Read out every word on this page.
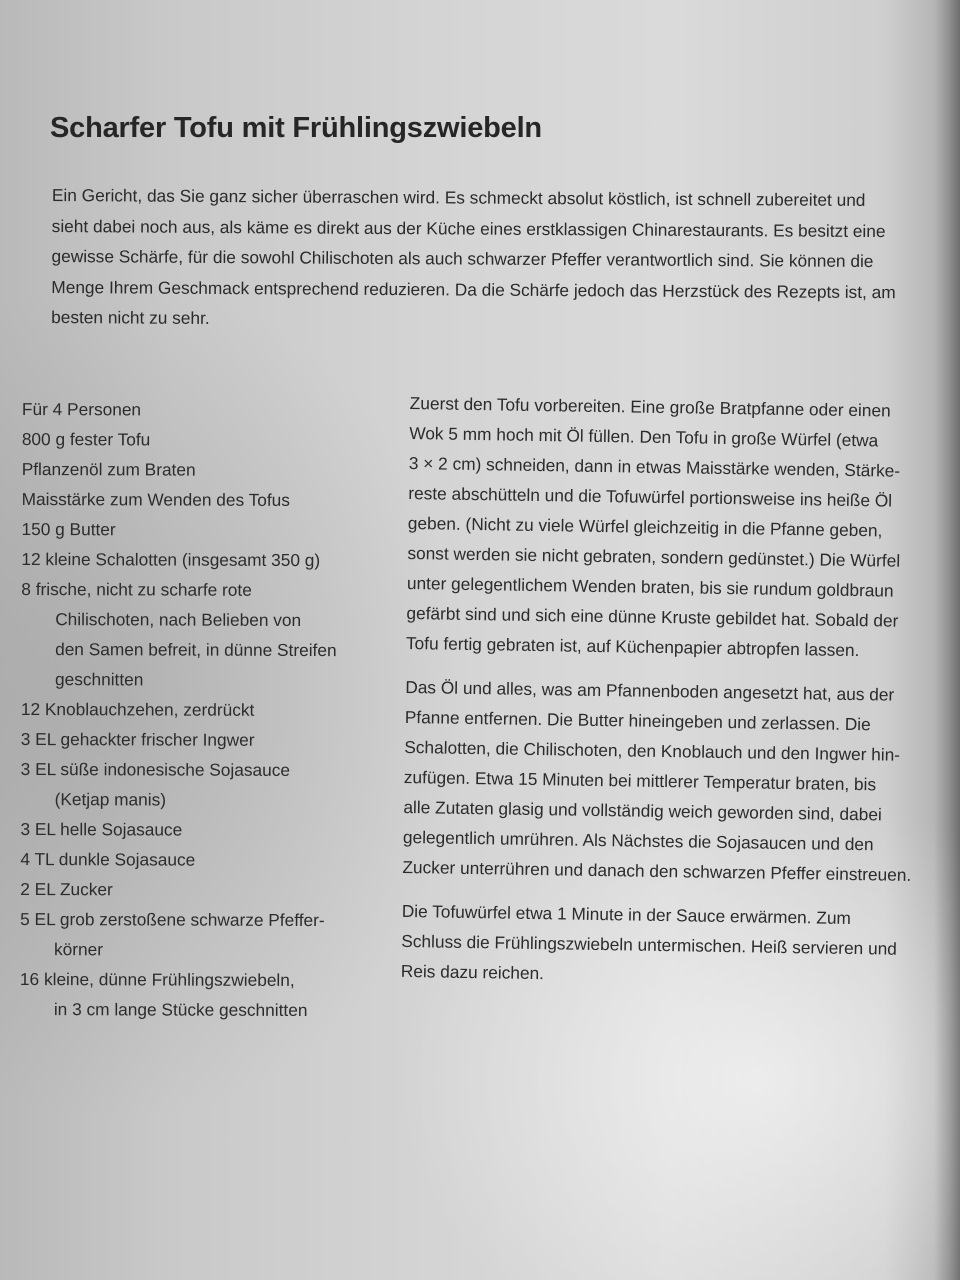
Scharfer Tofu mit Frühlingszwiebeln

Ein Gericht, das Sie ganz sicher überraschen wird. Es schmeckt absolut köstlich, ist schnell zubereitet und
sieht dabei noch aus, als käme es direkt aus der Küche eines erstklassigen Chinarestaurants. Es besitzt eine
gewisse Schärfe, für die sowohl Chilischoten als auch schwarzer Pfeffer verantwortlich sind. Sie können die
Menge Ihrem Geschmack entsprechend reduzieren. Da die Schärfe jedoch das Herzstück des Rezepts ist, am
besten nicht zu sehr.

Für 4 Personen
800 g fester Tofu
Pflanzenöl zum Braten
Maisstärke zum Wenden des Tofus
150 g Butter
12 kleine Schalotten (insgesamt 350 g)
8 frische, nicht zu scharfe rote
Chilischoten, nach Belieben von
den Samen befreit, in dünne Streifen
geschnitten
12 Knoblauchzehen, zerdrückt
3 EL gehackter frischer Ingwer
3 EL süße indonesische Sojasauce
(Ketjap manis)
3 EL helle Sojasauce
4 TL dunkle Sojasauce
2 EL Zucker
5 EL grob zerstoßene schwarze Pfeffer-
körner
16 kleine, dünne Frühlingszwiebeln,
in 3 cm lange Stücke geschnitten

Zuerst den Tofu vorbereiten. Eine große Bratpfanne oder einen
Wok 5 mm hoch mit Öl füllen. Den Tofu in große Würfel (etwa
3 × 2 cm) schneiden, dann in etwas Maisstärke wenden, Stärke-
reste abschütteln und die Tofuwürfel portionsweise ins heiße Öl
geben. (Nicht zu viele Würfel gleichzeitig in die Pfanne geben,
sonst werden sie nicht gebraten, sondern gedünstet.) Die Würfel
unter gelegentlichem Wenden braten, bis sie rundum goldbraun
gefärbt sind und sich eine dünne Kruste gebildet hat. Sobald der
Tofu fertig gebraten ist, auf Küchenpapier abtropfen lassen.

Das Öl und alles, was am Pfannenboden angesetzt hat, aus der
Pfanne entfernen. Die Butter hineingeben und zerlassen. Die
Schalotten, die Chilischoten, den Knoblauch und den Ingwer hin-
zufügen. Etwa 15 Minuten bei mittlerer Temperatur braten, bis
alle Zutaten glasig und vollständig weich geworden sind, dabei
gelegentlich umrühren. Als Nächstes die Sojasaucen und den
Zucker unterrühren und danach den schwarzen Pfeffer einstreuen.

Die Tofuwürfel etwa 1 Minute in der Sauce erwärmen. Zum
Schluss die Frühlingszwiebeln untermischen. Heiß servieren und
Reis dazu reichen.
